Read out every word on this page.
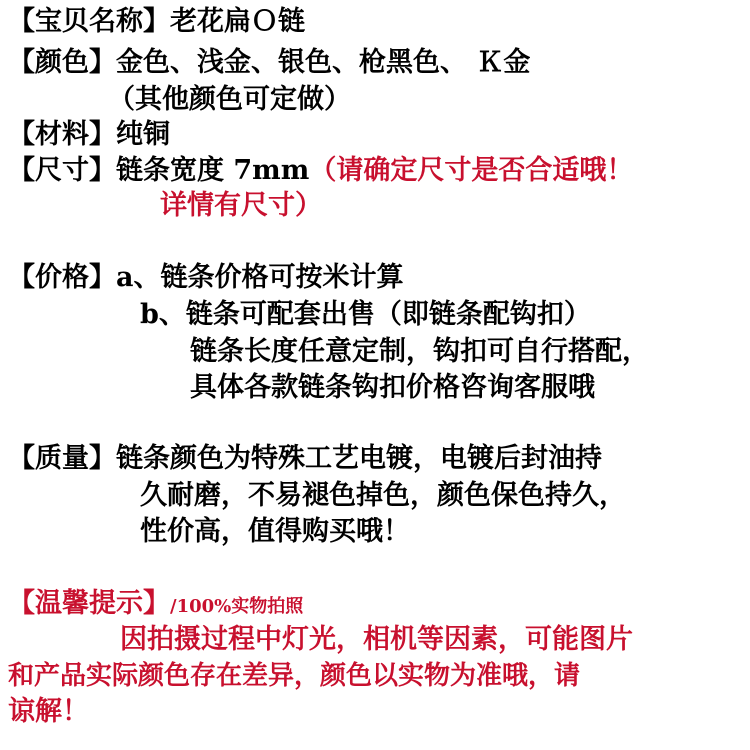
【宝贝名称】老花扁Ｏ链
【颜色】金色、浅金、银色、枪黑色、 Ｋ金
（其他颜色可定做）
【材料】纯铜
【尺寸】链条宽度 7mm（请确定尺寸是否合适哦！
详情有尺寸）
【价格】a、链条价格可按米计算
b、链条可配套出售（即链条配钩扣）
链条长度任意定制，钩扣可自行搭配，
具体各款链条钩扣价格咨询客服哦
【质量】链条颜色为特殊工艺电镀，电镀后封油持
久耐磨，不易褪色掉色，颜色保色持久，
性价高，值得购买哦！
【温馨提示】/100%实物拍照
因拍摄过程中灯光，相机等因素，可能图片
和产品实际颜色存在差异，颜色以实物为准哦，请
谅解！
